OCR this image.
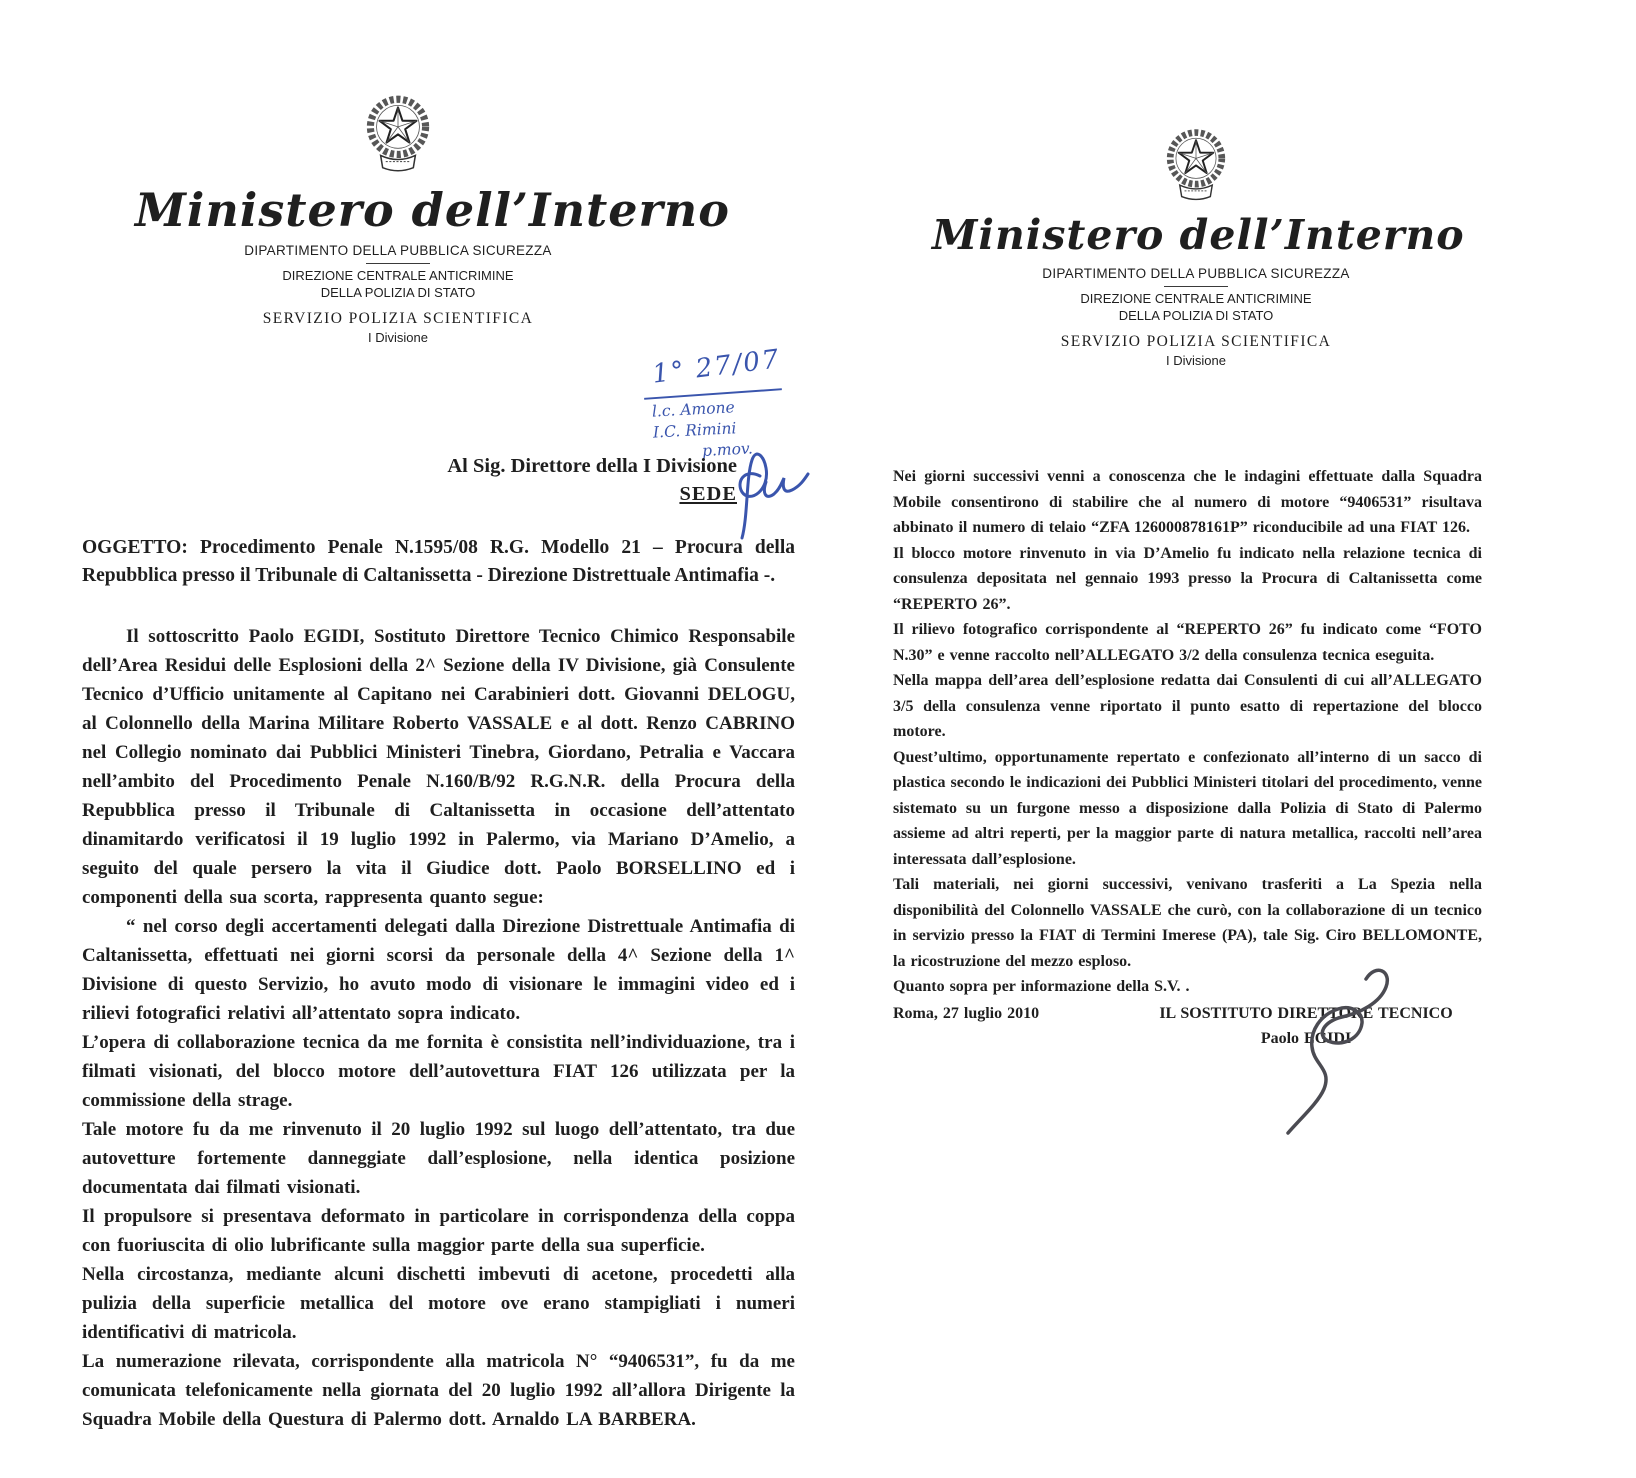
Ministero dell’Interno
DIPARTIMENTO DELLA PUBBLICA SICUREZZA
DIREZIONE CENTRALE ANTICRIMINE
DELLA POLIZIA DI STATO
SERVIZIO POLIZIA SCIENTIFICA
I Divisione
1° 27/07

l.c. Amone

I.C. Rimini

p.mov.

Al Sig. Direttore della I Divisione
SEDE
OGGETTO: Procedimento Penale N.1595/08 R.G. Modello 21 – Procura della Repubblica presso il Tribunale di Caltanissetta - Direzione Distrettuale Antimafia -.

Il sottoscritto Paolo EGIDI, Sostituto Direttore Tecnico Chimico Responsabile dell’Area Residui delle Esplosioni della 2^ Sezione della IV Divisione, già Consulente Tecnico d’Ufficio unitamente al Capitano nei Carabinieri dott. Giovanni DELOGU, al Colonnello della Marina Militare Roberto VASSALE e al dott. Renzo CABRINO nel Collegio nominato dai Pubblici Ministeri Tinebra, Giordano, Petralia e Vaccara nell’ambito del Procedimento Penale N.160/B/92 R.G.N.R. della Procura della Repubblica presso il Tribunale di Caltanissetta in occasione dell’attentato dinamitardo verificatosi il 19 luglio 1992 in Palermo, via Mariano D’Amelio, a seguito del quale persero la vita il Giudice dott. Paolo BORSELLINO ed i componenti della sua scorta, rappresenta quanto segue:

“ nel corso degli accertamenti delegati dalla Direzione Distrettuale Antimafia di Caltanissetta, effettuati nei giorni scorsi da personale della 4^ Sezione della 1^ Divisione di questo Servizio, ho avuto modo di visionare le immagini video ed i rilievi fotografici relativi all’attentato sopra indicato.

L’opera di collaborazione tecnica da me fornita è consistita nell’individuazione, tra i filmati visionati, del blocco motore dell’autovettura FIAT 126 utilizzata per la commissione della strage.

Tale motore fu da me rinvenuto il 20 luglio 1992 sul luogo dell’attentato, tra due autovetture fortemente danneggiate dall’esplosione, nella identica posizione documentata dai filmati visionati.

Il propulsore si presentava deformato in particolare in corrispondenza della coppa con fuoriuscita di olio lubrificante sulla maggior parte della sua superficie.

Nella circostanza, mediante alcuni dischetti imbevuti di acetone, procedetti alla pulizia della superficie metallica del motore ove erano stampigliati i numeri identificativi di matricola.

La numerazione rilevata, corrispondente alla matricola N° “9406531”, fu da me comunicata telefonicamente nella giornata del 20 luglio 1992 all’allora Dirigente la Squadra Mobile della Questura di Palermo dott. Arnaldo LA BARBERA.

Ministero dell’Interno
DIPARTIMENTO DELLA PUBBLICA SICUREZZA
DIREZIONE CENTRALE ANTICRIMINE
DELLA POLIZIA DI STATO
SERVIZIO POLIZIA SCIENTIFICA
I Divisione

Nei giorni successivi venni a conoscenza che le indagini effettuate dalla Squadra Mobile consentirono di stabilire che al numero di motore “9406531” risultava abbinato il numero di telaio “ZFA 126000878161P” riconducibile ad una FIAT 126.

Il blocco motore rinvenuto in via D’Amelio fu indicato nella relazione tecnica di consulenza depositata nel gennaio 1993 presso la Procura di Caltanissetta come “REPERTO 26”.

Il rilievo fotografico corrispondente al “REPERTO 26” fu indicato come “FOTO N.30” e venne raccolto nell’ALLEGATO 3/2 della consulenza tecnica eseguita.

Nella mappa dell’area dell’esplosione redatta dai Consulenti di cui all’ALLEGATO 3/5 della consulenza venne riportato il punto esatto di repertazione del blocco motore.

Quest’ultimo, opportunamente repertato e confezionato all’interno di un sacco di plastica secondo le indicazioni dei Pubblici Ministeri titolari del procedimento, venne sistemato su un furgone messo a disposizione dalla Polizia di Stato di Palermo assieme ad altri reperti, per la maggior parte di natura metallica, raccolti nell’area interessata dall’esplosione.

Tali materiali, nei giorni successivi, venivano trasferiti a La Spezia nella disponibilità del Colonnello VASSALE che curò, con la collaborazione di un tecnico in servizio presso la FIAT di Termini Imerese (PA), tale Sig. Ciro BELLOMONTE, la ricostruzione del mezzo esploso.

Quanto sopra per informazione della S.V. .

Roma, 27 luglio 2010	IL SOSTITUTO DIRETTORE TECNICO
Paolo EGIDI
